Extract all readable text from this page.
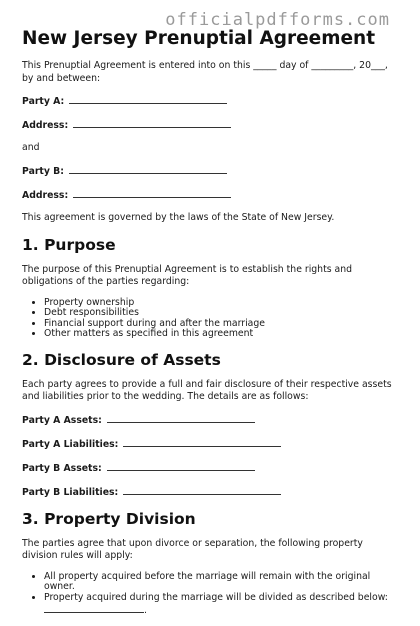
officialpdfforms.com
New Jersey Prenuptial Agreement

This Prenuptial Agreement is entered into on this _____ day of _________, 20___, by and between:

Party A:
Address:
and
Party B:
Address:

This agreement is governed by the laws of the State of New Jersey.

1. Purpose

The purpose of this Prenuptial Agreement is to establish the rights and obligations of the parties regarding:

• Property ownership
• Debt responsibilities
• Financial support during and after the marriage
• Other matters as specified in this agreement
2. Disclosure of Assets

Each party agrees to provide a full and fair disclosure of their respective assets and liabilities prior to the wedding. The details are as follows:

Party A Assets:
Party A Liabilities:
Party B Assets:
Party B Liabilities:
3. Property Division

The parties agree that upon divorce or separation, the following property division rules will apply:

• All property acquired before the marriage will remain with the original owner.
• Property acquired during the marriage will be divided as described below:
.
